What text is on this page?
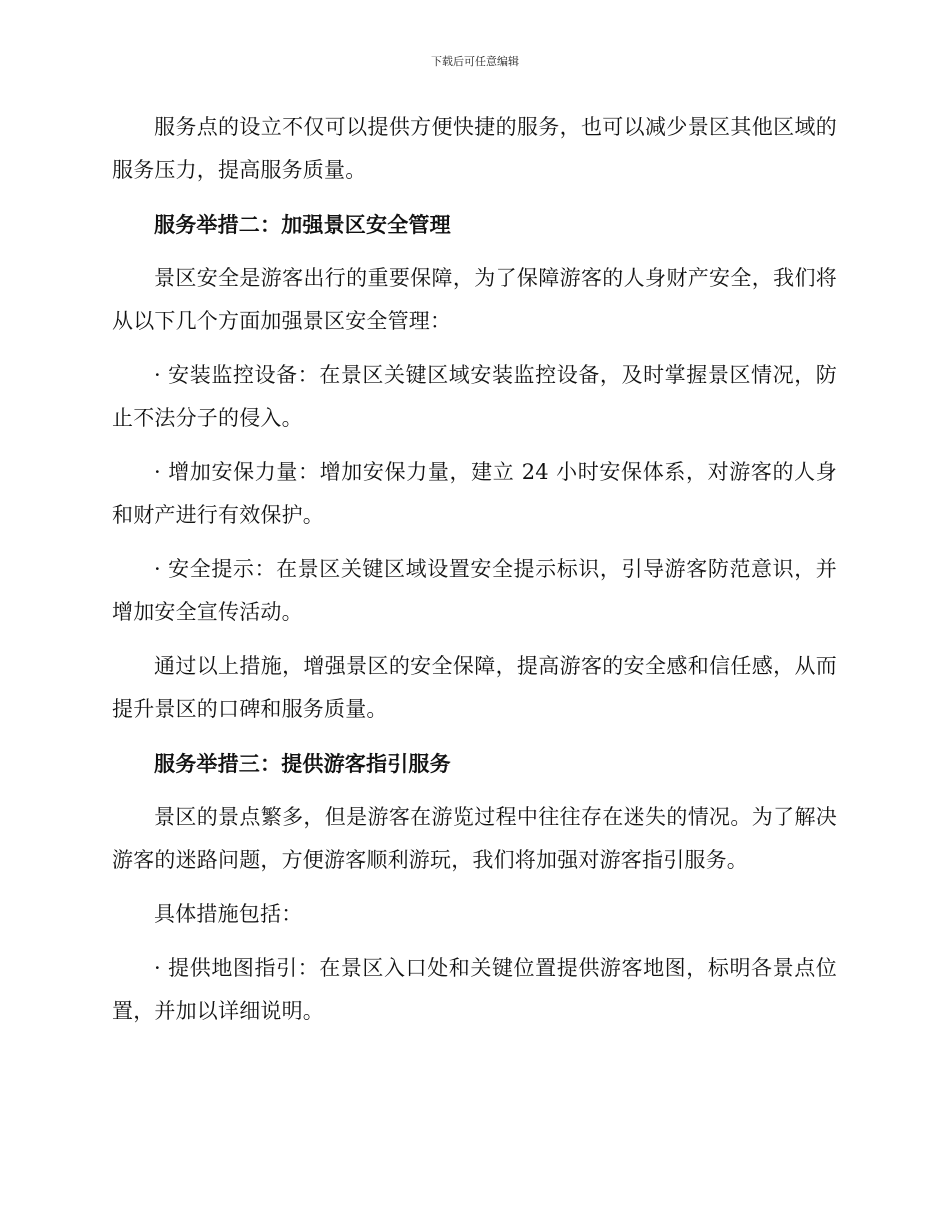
下载后可任意编辑

服务点的设立不仅可以提供方便快捷的服务，也可以减少景区其他区域的服务压力，提高服务质量。

服务举措二：加强景区安全管理

景区安全是游客出行的重要保障，为了保障游客的人身财产安全，我们将从以下几个方面加强景区安全管理：

· 安装监控设备：在景区关键区域安装监控设备，及时掌握景区情况，防止不法分子的侵入。

· 增加安保力量：增加安保力量，建立 24 小时安保体系，对游客的人身和财产进行有效保护。

· 安全提示：在景区关键区域设置安全提示标识，引导游客防范意识，并增加安全宣传活动。

通过以上措施，增强景区的安全保障，提高游客的安全感和信任感，从而提升景区的口碑和服务质量。

服务举措三：提供游客指引服务

景区的景点繁多，但是游客在游览过程中往往存在迷失的情况。为了解决游客的迷路问题，方便游客顺利游玩，我们将加强对游客指引服务。

具体措施包括：

· 提供地图指引：在景区入口处和关键位置提供游客地图，标明各景点位置，并加以详细说明。
